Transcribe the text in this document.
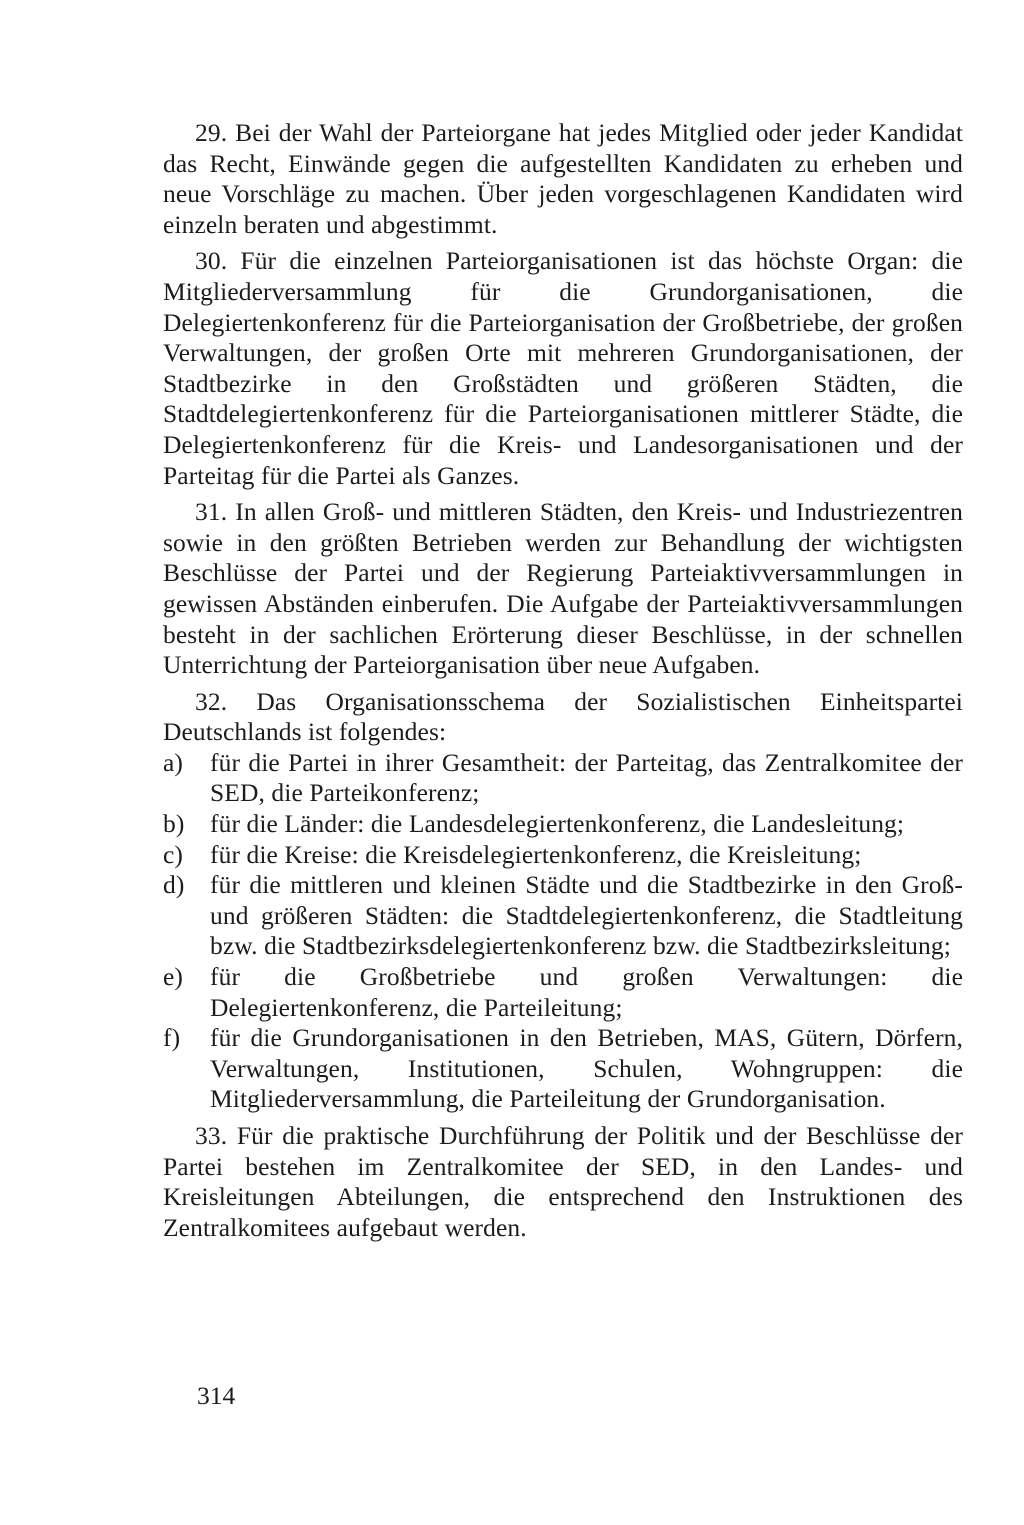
29. Bei der Wahl der Parteiorgane hat jedes Mitglied oder jeder Kandidat das Recht, Einwände gegen die aufgestellten Kandidaten zu erheben und neue Vorschläge zu machen. Über jeden vorgeschlagenen Kandidaten wird einzeln beraten und abgestimmt.

30. Für die einzelnen Parteiorganisationen ist das höchste Organ: die Mitgliederversammlung für die Grundorganisationen, die Delegiertenkonferenz für die Parteiorganisation der Großbetriebe, der großen Verwaltungen, der großen Orte mit mehreren Grundorganisationen, der Stadtbezirke in den Großstädten und größeren Städten, die Stadtdelegiertenkonferenz für die Parteiorganisationen mittlerer Städte, die Delegiertenkonferenz für die Kreis- und Landesorganisationen und der Parteitag für die Partei als Ganzes.

31. In allen Groß- und mittleren Städten, den Kreis- und Industriezentren sowie in den größten Betrieben werden zur Behandlung der wichtigsten Beschlüsse der Partei und der Regierung Parteiaktivversammlungen in gewissen Abständen einberufen. Die Aufgabe der Parteiaktivversammlungen besteht in der sachlichen Erörterung dieser Beschlüsse, in der schnellen Unterrichtung der Parteiorganisation über neue Aufgaben.

32. Das Organisationsschema der Sozialistischen Einheitspartei Deutschlands ist folgendes:

a)	für die Partei in ihrer Gesamtheit: der Parteitag, das Zentralkomitee der SED, die Parteikonferenz;
b)	für die Länder: die Landesdelegiertenkonferenz, die Landesleitung;
c)	für die Kreise: die Kreisdelegiertenkonferenz, die Kreisleitung;
d)	für die mittleren und kleinen Städte und die Stadtbezirke in den Groß- und größeren Städten: die Stadtdelegiertenkonferenz, die Stadtleitung bzw. die Stadtbezirksdelegiertenkonferenz bzw. die Stadtbezirksleitung;
e)	für die Großbetriebe und großen Verwaltungen: die Delegiertenkonferenz, die Parteileitung;
f)	für die Grundorganisationen in den Betrieben, MAS, Gütern, Dörfern, Verwaltungen, Institutionen, Schulen, Wohngruppen: die Mitgliederversammlung, die Parteileitung der Grundorganisation.

33. Für die praktische Durchführung der Politik und der Beschlüsse der Partei bestehen im Zentralkomitee der SED, in den Landes- und Kreisleitungen Abteilungen, die entsprechend den Instruktionen des Zentralkomitees aufgebaut werden.

314
